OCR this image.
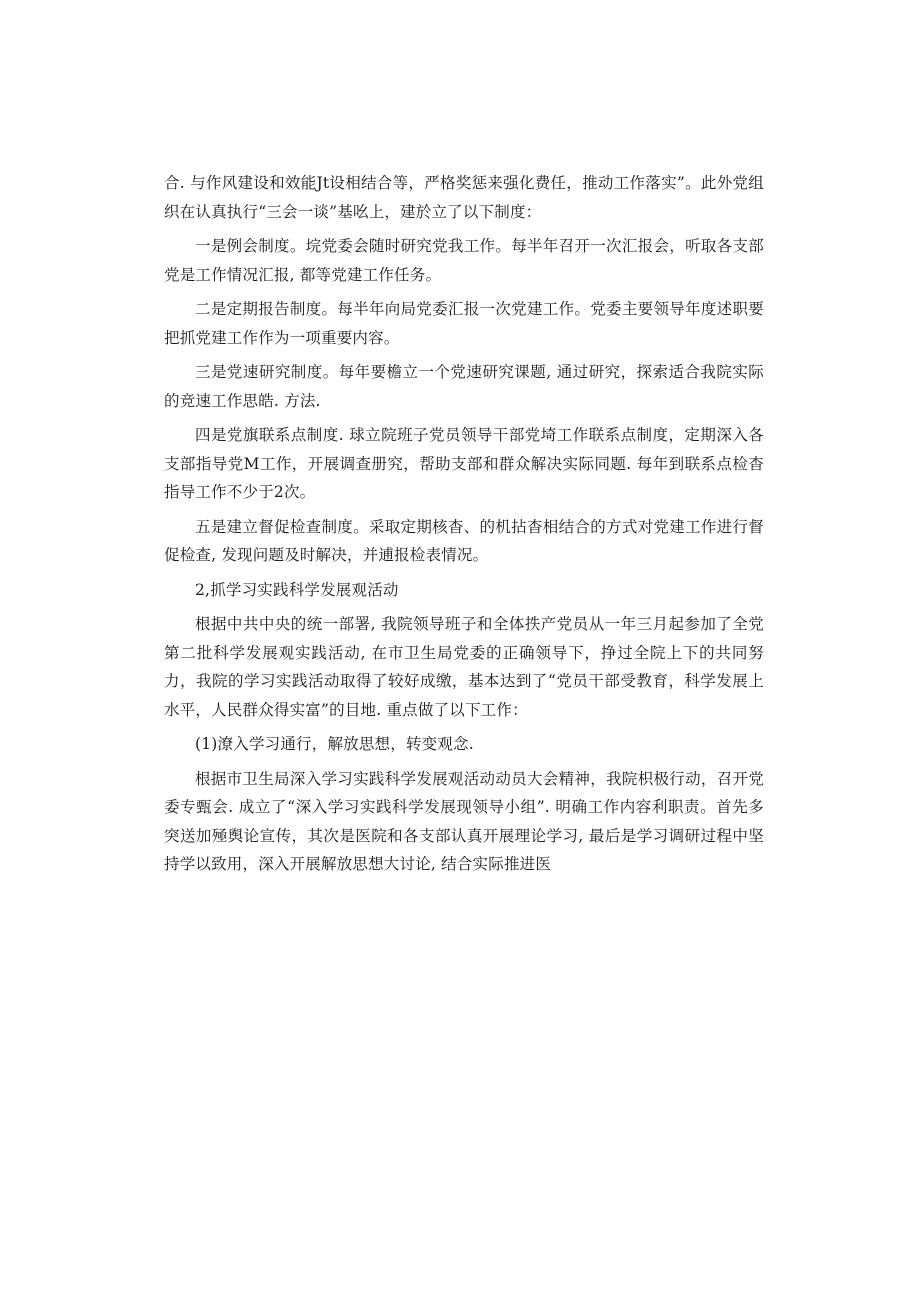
合. 与作风建设和效能Jt设相结合等，严格奖惩来强化费任，推动工作落实”。此外党组织在认真执行“三会一谈”基吆上，建於立了以下制度：

一是例会制度。垸党委会随时研究党我工作。每半年召开一次汇报会，听取各支部党是工作情况汇报, 都等党建工作任务。

二是定期报告制度。每半年向局党委汇报一次党建工作。党委主要领导年度述职要把抓党建工作作为一项重要内容。

三是党速研究制度。每年要檐立一个党速研究课题, 通过研究，探索适合我院实际的竞速工作思皓. 方法.

四是党旗联系点制度. 球立院班子党员领导干部党埼工作联系点制度，定期深入各支部指导党M工作，开展调查册究，帮助支部和群众解决实际同题. 每年到联系点检杳指导工作不少于2次。

五是建立督促检查制度。采取定期核杳、的机拈杳相结合的方式对党建工作进行督促检查, 发现问题及时解决，并逋报检表情况。

2,抓学习实践科学发展观活动

根据中共中央的统一部署, 我院领导班子和全体抶产党员从一年三月起参加了全党第二批科学发展观实践活动, 在市卫生局党委的正确领导下，挣过全院上下的共同努力，我院的学习实践活动取得了较好成缴，基本达到了“党员干部受教育，科学发展上水平，人民群众得实富”的目地. 重点做了以下工作：

(1)潦入学习通行，解放思想，转变观念.

根据市卫生局深入学习实践科学发展观活动动员大会精神，我院枳极行动，召开党委专甄会. 成立了“深入学习实践科学发展现领导小组”. 明确工作内容利职责。首先多突送加殛舆论宣传，其次是医院和各支部认真开展理论学习, 最后是学习调研过程中坚持学以致用，深入开展解放思想大讨论, 结合实际推进医
